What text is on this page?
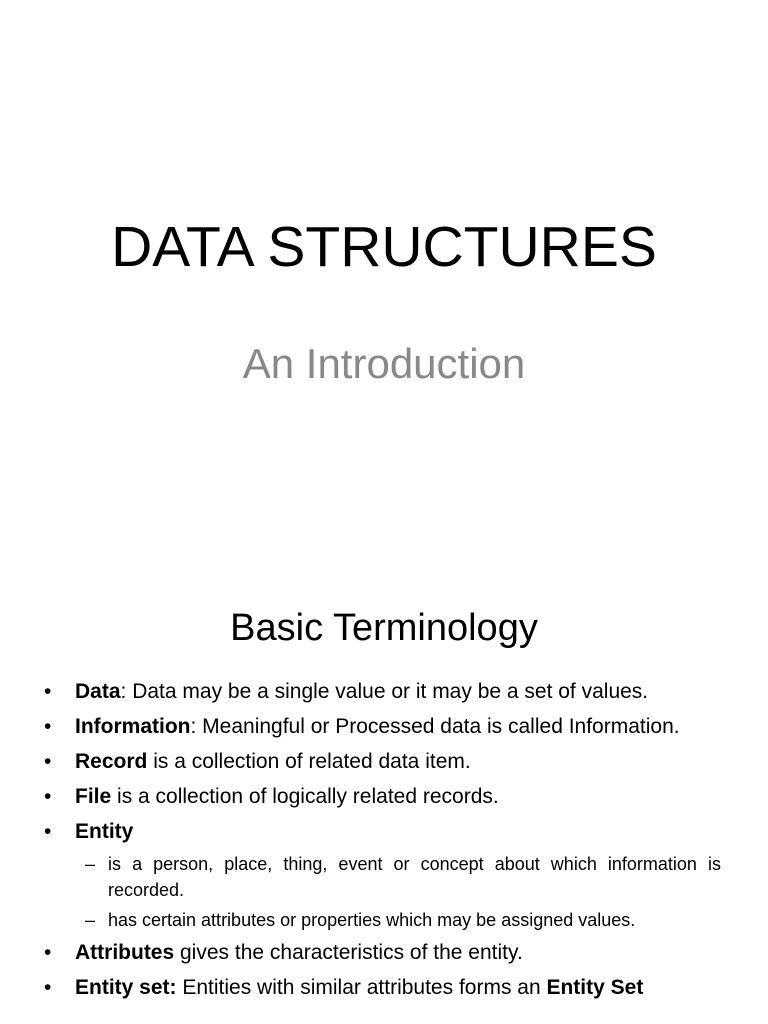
DATA STRUCTURES
An Introduction
Basic Terminology
• Data: Data may be a single value or it may be a set of values.
• Information: Meaningful or Processed data is called Information.
• Record is a collection of related data item.
• File is a collection of logically related records.
• Entity
– is a person, place, thing, event or concept about which information is recorded.
– has certain attributes or properties which may be assigned values.
• Attributes gives the characteristics of the entity.
• Entity set: Entities with similar attributes forms an Entity Set
